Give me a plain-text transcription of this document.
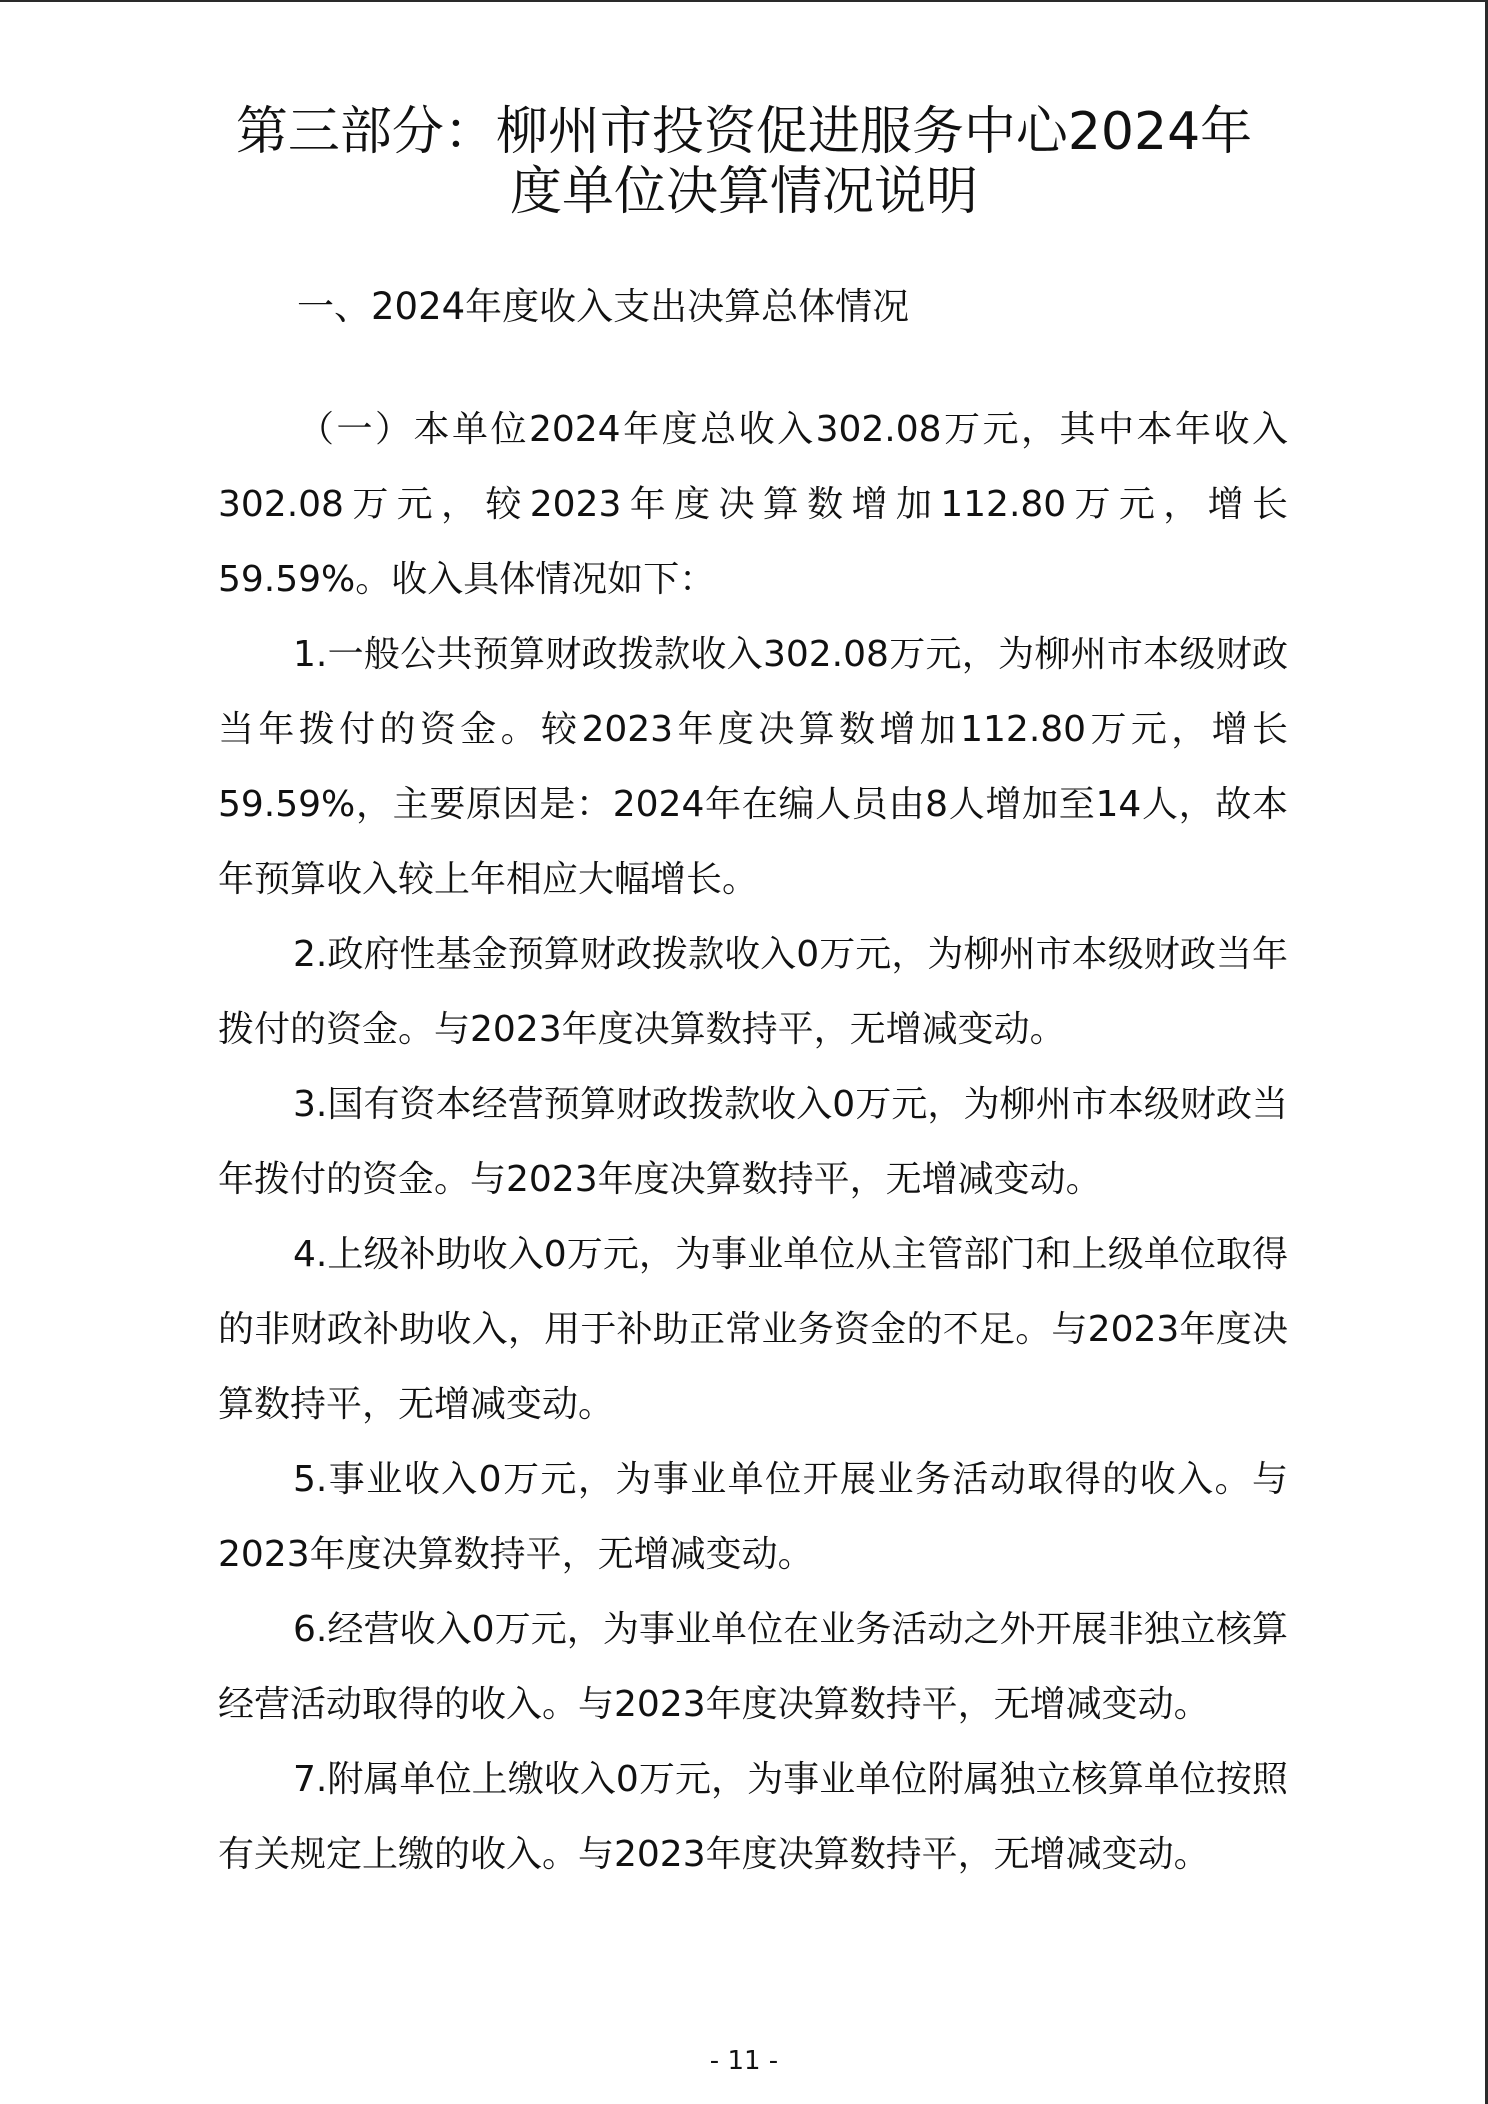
第三部分：柳州市投资促进服务中心2024年
度单位决算情况说明
一、2024年度收入支出决算总体情况

（一）本单位2024年度总收入302.08万元，其中本年收入302.08万元，较2023年度决算数增加112.80万元，增长59.59%。收入具体情况如下：

1.一般公共预算财政拨款收入302.08万元，为柳州市本级财政当年拨付的资金。较2023年度决算数增加112.80万元，增长59.59%，主要原因是：2024年在编人员由8人增加至14人，故本年预算收入较上年相应大幅增长。

2.政府性基金预算财政拨款收入0万元，为柳州市本级财政当年拨付的资金。与2023年度决算数持平，无增减变动。

3.国有资本经营预算财政拨款收入0万元，为柳州市本级财政当年拨付的资金。与2023年度决算数持平，无增减变动。

4.上级补助收入0万元，为事业单位从主管部门和上级单位取得的非财政补助收入，用于补助正常业务资金的不足。与2023年度决算数持平，无增减变动。

5.事业收入0万元，为事业单位开展业务活动取得的收入。与2023年度决算数持平，无增减变动。

6.经营收入0万元，为事业单位在业务活动之外开展非独立核算经营活动取得的收入。与2023年度决算数持平，无增减变动。

7.附属单位上缴收入0万元，为事业单位附属独立核算单位按照有关规定上缴的收入。与2023年度决算数持平，无增减变动。

- 11 -
